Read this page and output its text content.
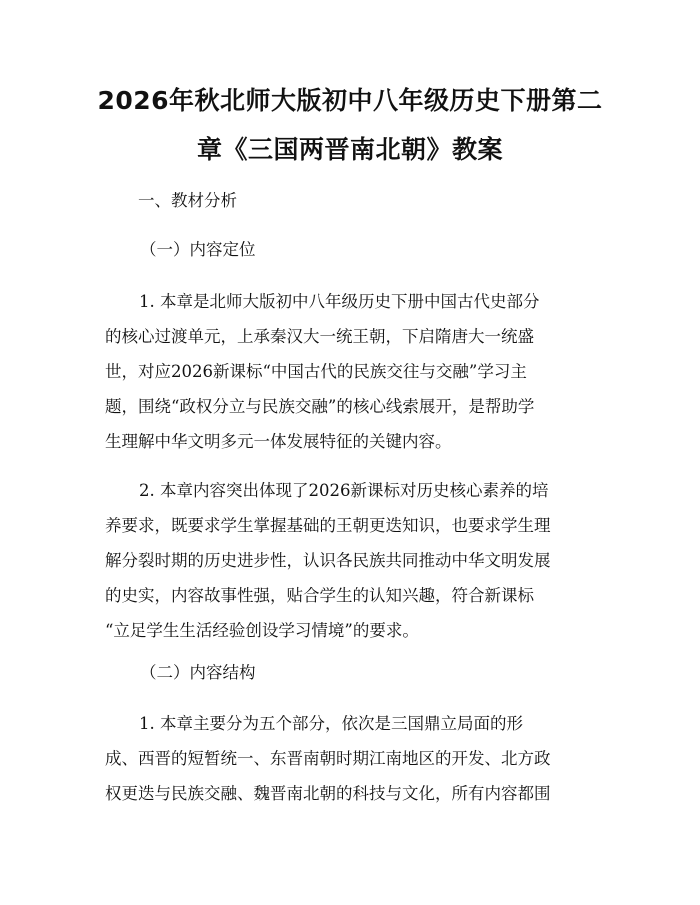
2026年秋北师大版初中八年级历史下册第二
章《三国两晋南北朝》教案
一、教材分析
（一）内容定位
1. 本章是北师大版初中八年级历史下册中国古代史部分
的核心过渡单元，上承秦汉大一统王朝，下启隋唐大一统盛
世，对应2026新课标“中国古代的民族交往与交融”学习主
题，围绕“政权分立与民族交融”的核心线索展开，是帮助学
生理解中华文明多元一体发展特征的关键内容。
2. 本章内容突出体现了2026新课标对历史核心素养的培
养要求，既要求学生掌握基础的王朝更迭知识，也要求学生理
解分裂时期的历史进步性，认识各民族共同推动中华文明发展
的史实，内容故事性强，贴合学生的认知兴趣，符合新课标
“立足学生生活经验创设学习情境”的要求。
（二）内容结构
1. 本章主要分为五个部分，依次是三国鼎立局面的形
成、西晋的短暂统一、东晋南朝时期江南地区的开发、北方政
权更迭与民族交融、魏晋南北朝的科技与文化，所有内容都围
